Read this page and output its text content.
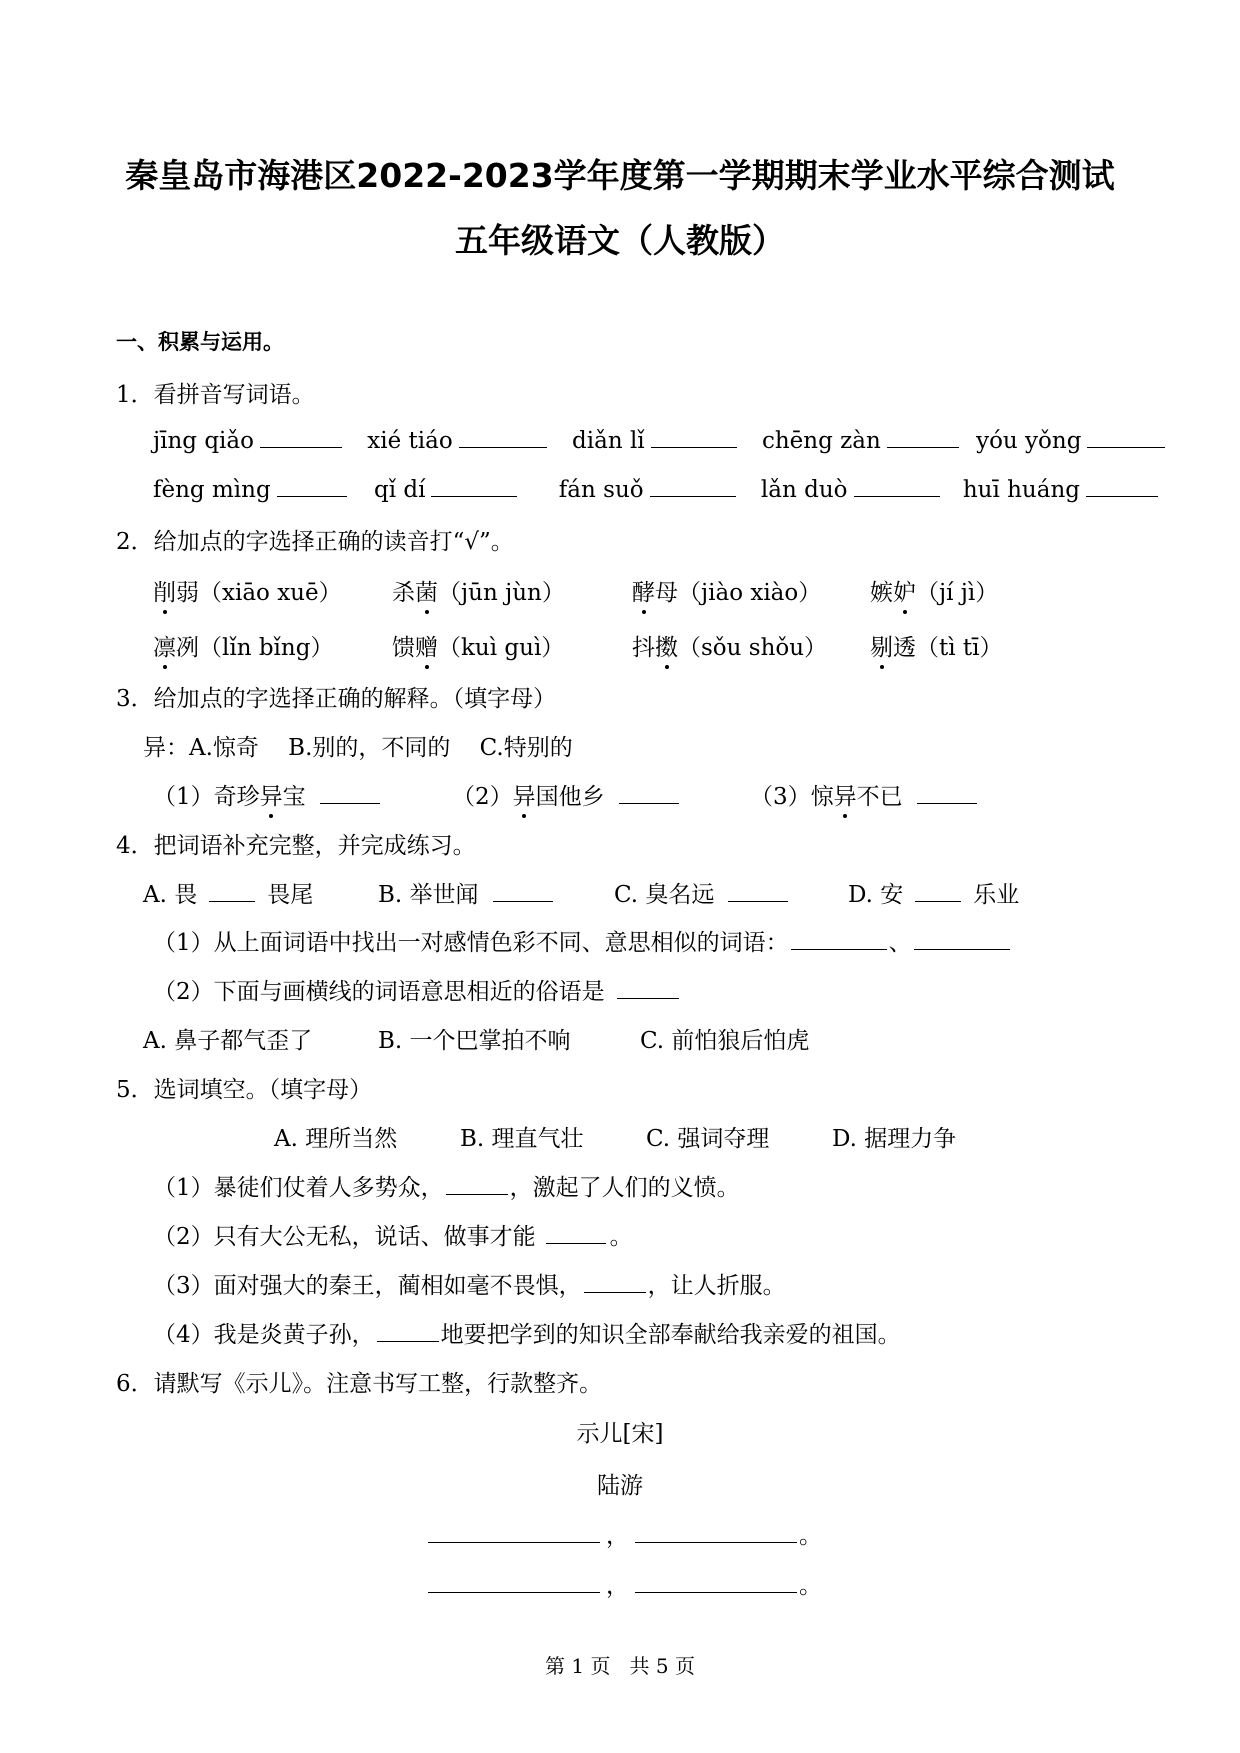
秦皇岛市海港区2022-2023学年度第一学期期末学业水平综合测试
五年级语文（人教版）
一、积累与运用。
1．看拼音写词语。
jīng qiǎo	xié tiáo	diǎn lǐ	chēng zàn	yóu yǒng
fèng mìng	qǐ dí	fán suǒ	lǎn duò	huī huáng
2．给加点的字选择正确的读音打“√”。
削弱（xiāo xuē） 杀菌（jūn jùn）	酵母（jiào xiào） 嫉妒（jí jì）
凛冽（lǐn bǐng）	馈赠（kuì guì）	抖擞（sǒu shǒu） 剔透（tì tī）
3．给加点的字选择正确的解释。（填字母）
异：A.惊奇    B.别的，不同的    C.特别的
（1）奇珍异宝	（2）异国他乡	（3）惊异不已
4．把词语补充完整，并完成练习。
A. 畏	畏尾	B. 举世闻	C. 臭名远	D. 安	乐业
（1）从上面词语中找出一对感情色彩不同、意思相似的词语：	、
（2）下面与画横线的词语意思相近的俗语是
A. 鼻子都气歪了	B. 一个巴掌拍不响	C. 前怕狼后怕虎
5．选词填空。（填字母）
A. 理所当然	B. 理直气壮	C. 强词夺理	D. 据理力争
（1）暴徒们仗着人多势众，	，激起了人们的义愤。
（2）只有大公无私，说话、做事才能	。
（3）面对强大的秦王，蔺相如毫不畏惧，	，让人折服。
（4）我是炎黄子孙，	地要把学到的知识全部奉献给我亲爱的祖国。
6．请默写《示儿》。注意书写工整，行款整齐。
示儿[宋]
陆游
，	。
，	。
第 1 页   共 5 页
